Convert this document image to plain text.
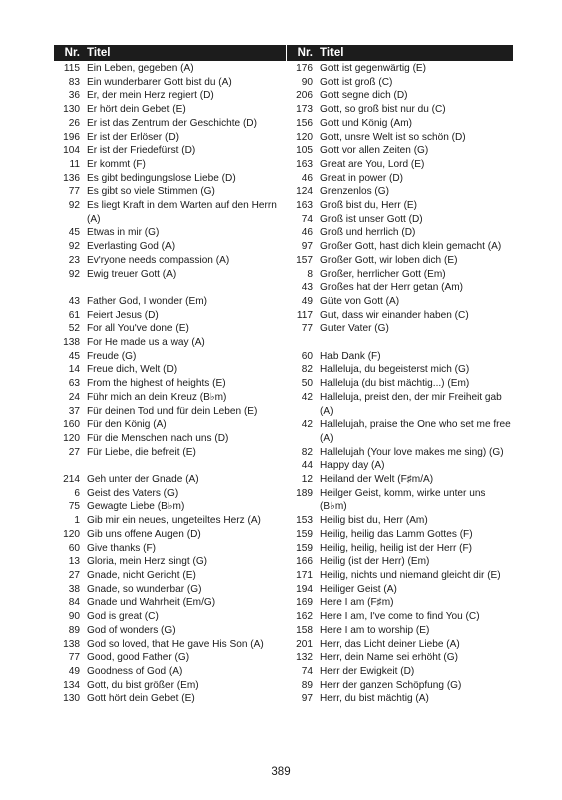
Nr. Titel
115 Ein Leben, gegeben (A)
83 Ein wunderbarer Gott bist du (A)
36 Er, der mein Herz regiert (D)
130 Er hört dein Gebet (E)
26 Er ist das Zentrum der Geschichte (D)
196 Er ist der Erlöser (D)
104 Er ist der Friedefürst (D)
11 Er kommt (F)
136 Es gibt bedingungslose Liebe (D)
77 Es gibt so viele Stimmen (G)
92 Es liegt Kraft in dem Warten auf den Herrn (A)
45 Etwas in mir (G)
92 Everlasting God (A)
23 Ev'ryone needs compassion (A)
92 Ewig treuer Gott (A)
43 Father God, I wonder (Em)
61 Feiert Jesus (D)
52 For all You've done (E)
138 For He made us a way (A)
45 Freude (G)
14 Freue dich, Welt (D)
63 From the highest of heights (E)
24 Führ mich an dein Kreuz (B♭m)
37 Für deinen Tod und für dein Leben (E)
160 Für den König (A)
120 Für die Menschen nach uns (D)
27 Für Liebe, die befreit (E)
214 Geh unter der Gnade (A)
6 Geist des Vaters (G)
75 Gewagte Liebe (B♭m)
1 Gib mir ein neues, ungeteiltes Herz (A)
120 Gib uns offene Augen (D)
60 Give thanks (F)
13 Gloria, mein Herz singt (G)
27 Gnade, nicht Gericht (E)
38 Gnade, so wunderbar (G)
84 Gnade und Wahrheit (Em/G)
90 God is great (C)
89 God of wonders (G)
138 God so loved, that He gave His Son (A)
77 Good, good Father (G)
49 Goodness of God (A)
134 Gott, du bist größer (Em)
130 Gott hört dein Gebet (E)
Nr. Titel
176 Gott ist gegenwärtig (E)
90 Gott ist groß (C)
206 Gott segne dich (D)
173 Gott, so groß bist nur du (C)
156 Gott und König (Am)
120 Gott, unsre Welt ist so schön (D)
105 Gott vor allen Zeiten (G)
163 Great are You, Lord (E)
46 Great in power (D)
124 Grenzenlos (G)
163 Groß bist du, Herr (E)
74 Groß ist unser Gott (D)
46 Groß und herrlich (D)
97 Großer Gott, hast dich klein gemacht (A)
157 Großer Gott, wir loben dich (E)
8 Großer, herrlicher Gott (Em)
43 Großes hat der Herr getan (Am)
49 Güte von Gott (A)
117 Gut, dass wir einander haben (C)
77 Guter Vater (G)
60 Hab Dank (F)
82 Halleluja, du begeisterst mich (G)
50 Halleluja (du bist mächtig...) (Em)
42 Halleluja, preist den, der mir Freiheit gab (A)
42 Hallelujah, praise the One who set me free (A)
82 Hallelujah (Your love makes me sing) (G)
44 Happy day (A)
12 Heiland der Welt (F♯m/A)
189 Heilger Geist, komm, wirke unter uns (B♭m)
153 Heilig bist du, Herr (Am)
159 Heilig, heilig das Lamm Gottes (F)
159 Heilig, heilig, heilig ist der Herr (F)
166 Heilig (ist der Herr) (Em)
171 Heilig, nichts und niemand gleicht dir (E)
194 Heiliger Geist (A)
169 Here I am (F♯m)
162 Here I am, I've come to find You (C)
158 Here I am to worship (E)
201 Herr, das Licht deiner Liebe (A)
132 Herr, dein Name sei erhöht (G)
74 Herr der Ewigkeit (D)
89 Herr der ganzen Schöpfung (G)
97 Herr, du bist mächtig (A)
389
